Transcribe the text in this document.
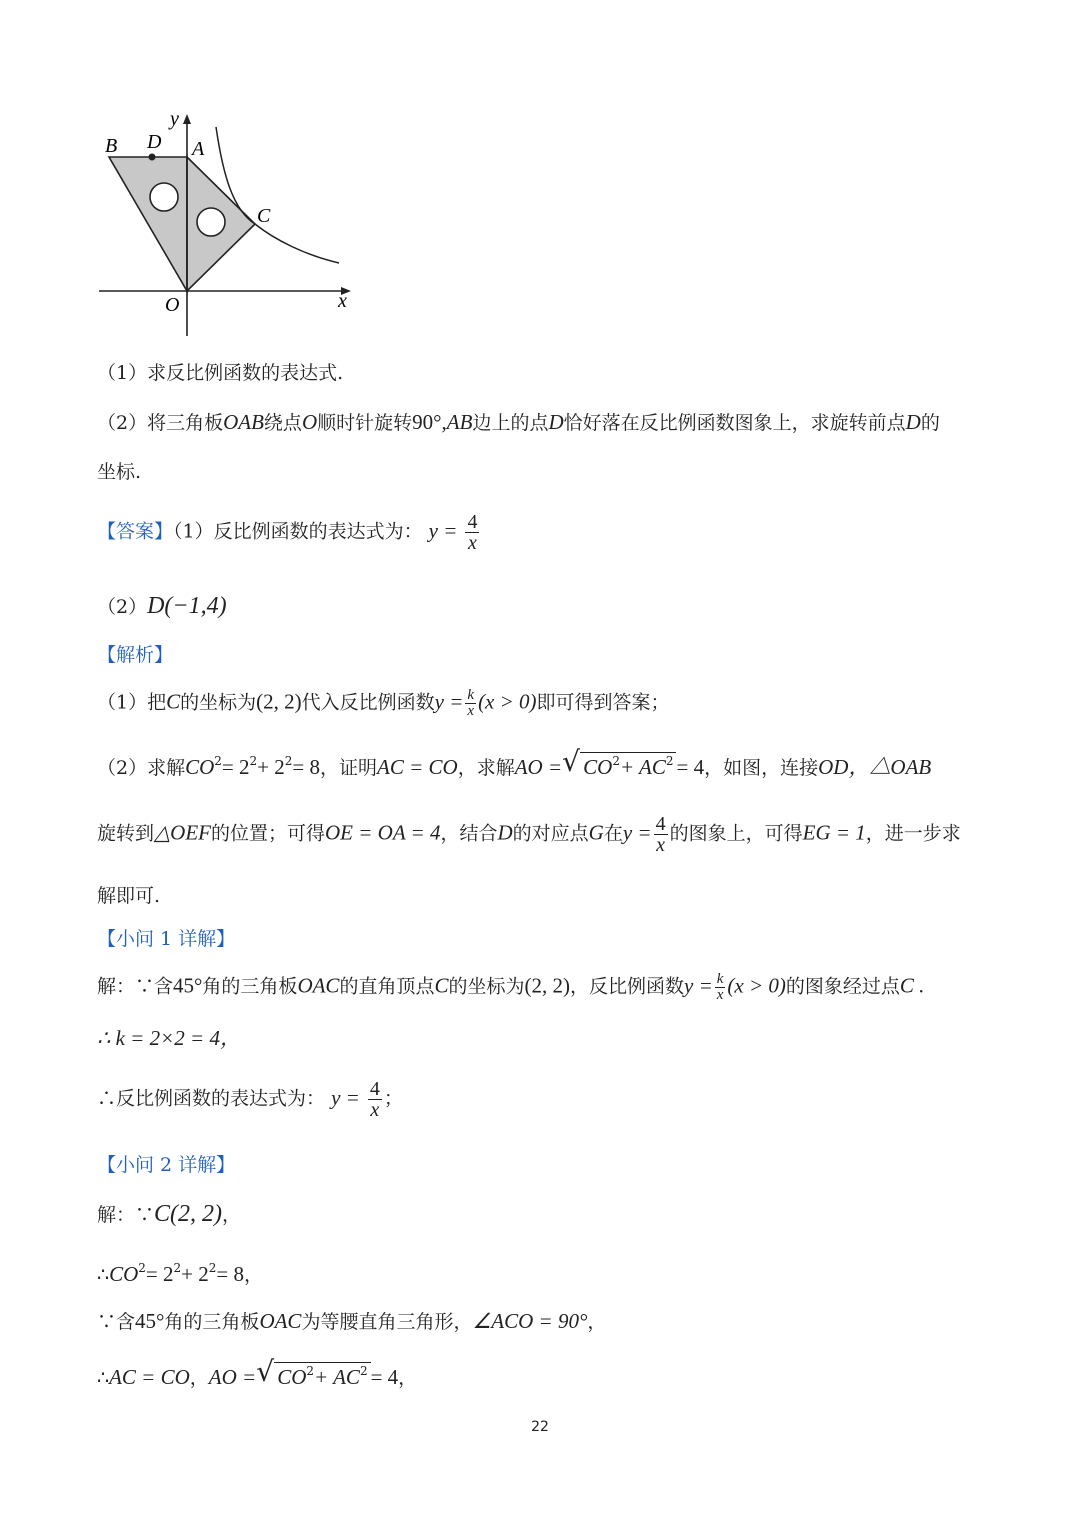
B D A
y
C
O	x
（1）求反比例函数的表达式.
（2）将三角板OAB绕点O顺时针旋转90°,AB边上的点D恰好落在反比例函数图象上，求旋转前点D的
坐标.
【答案】（1）反比例函数的表达式为： $y = \frac{4}{x}$
（2）D(−1,4)
【解析】
（1）把C的坐标为(2, 2)代入反比例函数$y = \frac{k}{x} (x > 0)$即可得到答案；
（2）求解$CO^2= 2^2+ 2^2= 8$，证明AC = CO，求解AO = √ $CO^2+ AC^2 = 4$，如图，连接OD，△OAB
旋转到△OEF的位置；可得OE = OA = 4，结合D的对应点G在$y = \frac{4}{x}$ 的图象上，可得EG = 1，进一步求
解即可.
【小问 1 详解】
解：∵含45°角的三角板OAC的直角顶点C的坐标为(2, 2)，反比例函数$y = \frac{k}{x} (x > 0)$的图象经过点C .
∴ k = 2×2 = 4，
∴反比例函数的表达式为： $y = \frac{4}{x}$ ；
【小问 2 详解】
解：∵C(2, 2)，
$\therefore CO^2= 2^2+ 2^2= 8$，
∵含45°角的三角板OAC为等腰直角三角形，∠ACO = 90°，
∴AC = CO，AO = √ $CO^2+ AC^2 = 4$，
22
